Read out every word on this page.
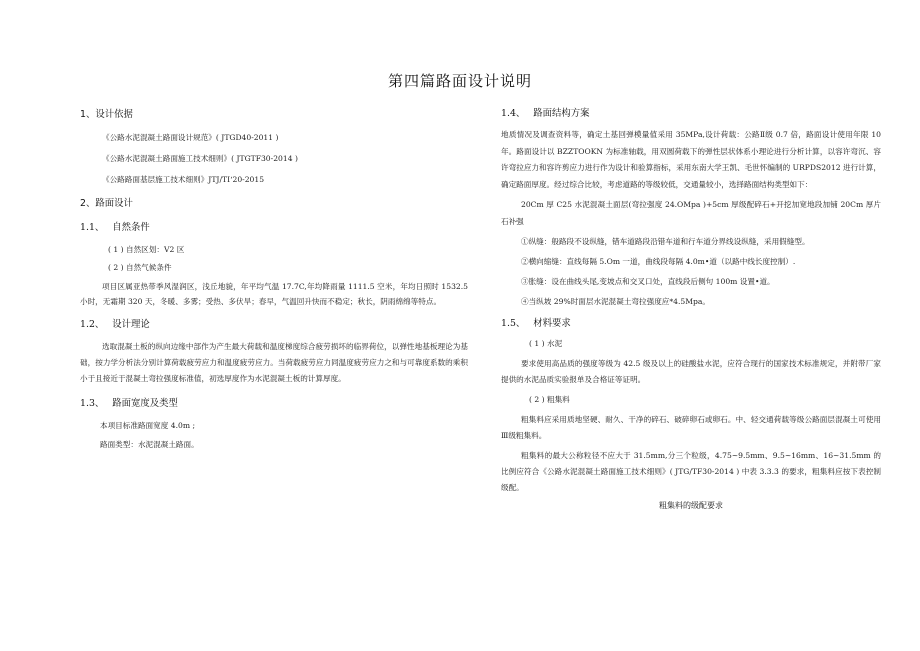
第四篇路面设计说明

1、设计依据

《公路水泥混凝土路面设计规范》( JTGD40-2011 )

《公路水泥混凝土路面施工技术细则》( JTGTF30-2014 )

《公路路面基层施工技术细则》JTJ/TI‘20-2015

2、路面设计

1.1、 自然条件

( 1 ) 自然区划：V2 区

( 2 ) 自然气候条件

项目区属亚热带季风湿润区，浅丘地貌，年平均气温 17.7C,年均降雨量 1111.5 空米，年均日照时 1532.5 小时，无霜期 320 天，冬暖、多雾；受热、多伏旱；春早，气温回升快而不稳定；秋长，阴雨绵绵等特点。

1.2、 设计理论

选取混凝土板的纵向边缘中部作为产生最大荷载和温度梯度综合疲劳损坏的临界荷位，以弹性地基板理论为基础，按力学分析法分别计算荷载疲劳应力和温度疲劳应力。当荷载疲劳应力同温度疲劳应力之和与可靠度系数的乘积小于且接近于混凝土弯拉强度标准值，初选厚度作为水泥混凝土板的计算厚度。

1.3、 路面宽度及类型

本项目标准路面宽度 4.0m ;

路面类型：水泥混凝土路面。

1.4、 路面结构方案

地质情况及调查资料等，确定土基回弹模量值采用 35MPa,设计荷载：公路Ⅱ级 0.7 倍，路面设计使用年限 10 年。路面设计以 BZZTOOKN 为标准轴载，用双圆荷载下的弹性层状体系小理论进行分析计算，以容许弯沉、容许弯拉应力和容许剪应力进行作为设计和验算指标，采用东南大学王凯、毛世怀编制的 URPDS2012 进行计算，确定路面厚度。经过综合比较，考虑道路的等级较低，交通量较小，选择路面结构类型如下：

20Cm 厚 C25 水泥混凝土面层(弯拉强度 24.OMpa )+5cm 厚级配碎石+开挖加宽地段加铺 20Cm 厚片石补强

①纵缝：般路段不设纵缝，错车道路段沿错车道和行车道分界线设纵缝，采用假缝型。

②横向缩缝：直线每隔 5.Om 一道，曲线段每隔 4.0m•道（以路中线长度控制）.

③胀缝：设在曲线头尾,变坡点和交叉口处，直线段后侧句 100m 设置•道。

④当纵坡 29%时面层水泥混凝土弯拉强度应*4.5Mpa。

1.5、 材料要求

( 1 ) 水泥

要求使用高品质的强度等级为 42.5 级及以上的硅酸盐水泥，应符合现行的国家技术标准规定，并附带厂家提供的水泥品质实验报单及合格证等证明。

( 2 ) 粗集料

粗集料应采用质地坚硬、耐久、干净的碎石、破碎卵石或卵石。中、轻交通荷载等级公路面层混凝土可使用Ⅲ级粗集料。

粗集料的最大公称粒径不应大于 31.5mm,分三个粒级，4.75~9.5mm、9.5~16mm、16~31.5mm 的比例应符合《公路水泥混凝土路面施工技术细则》( JTG/TF30-2014 ) 中表 3.3.3 的要求，粗集料应按下表控制级配。

粗集料的级配要求
